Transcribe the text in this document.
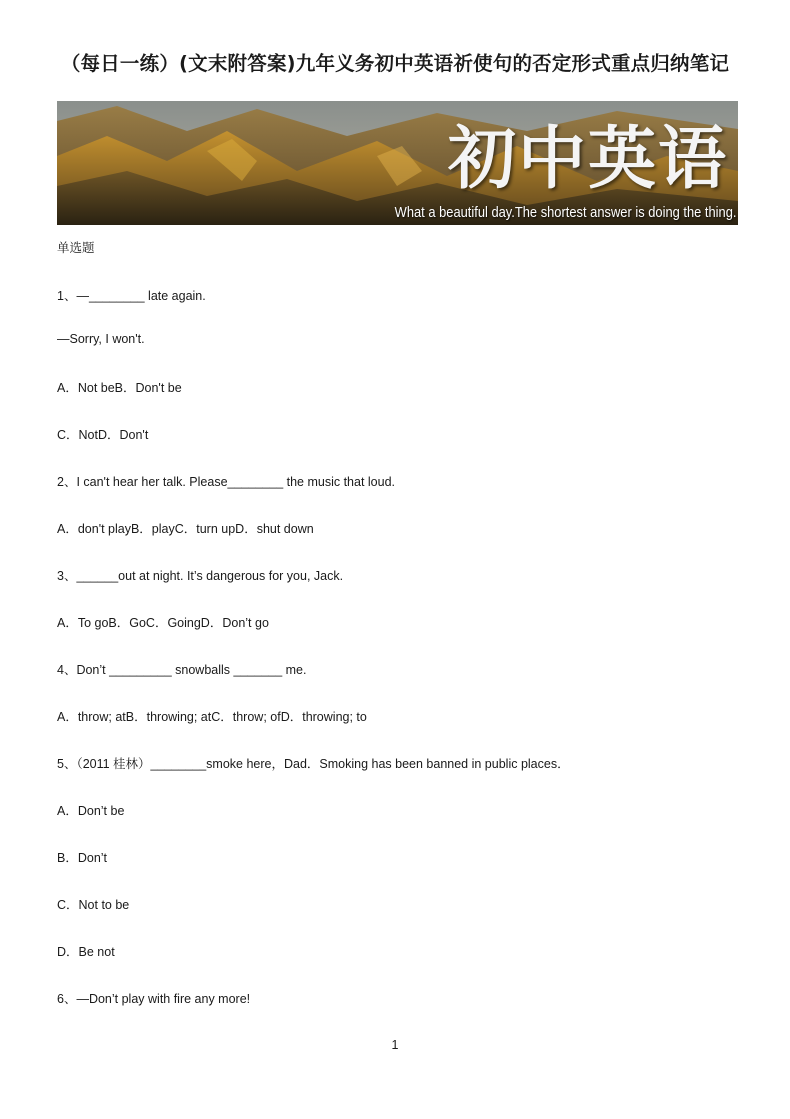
（每日一练）(文末附答案)九年义务初中英语祈使句的否定形式重点归纳笔记
初中英语
What a beautiful day.The shortest answer is doing the thing.
单选题
1、—________ late again.
—Sorry, I won't.
A．Not beB．Don't be
C．NotD．Don't
2、I can't hear her talk. Please________ the music that loud.
A．don't playB．playC．turn upD．shut down
3、______out at night. It’s dangerous for you, Jack.
A．To goB．GoC．GoingD．Don’t go
4、Don’t _________ snowballs _______ me.
A．throw; atB．throwing; atC．throw; ofD．throwing; to
5、（2011 桂林）________smoke here，Dad．Smoking has been banned in public places．
A．Don’t be
B．Don’t
C．Not to be
D．Be not
6、—Don’t play with fire any more!
1
